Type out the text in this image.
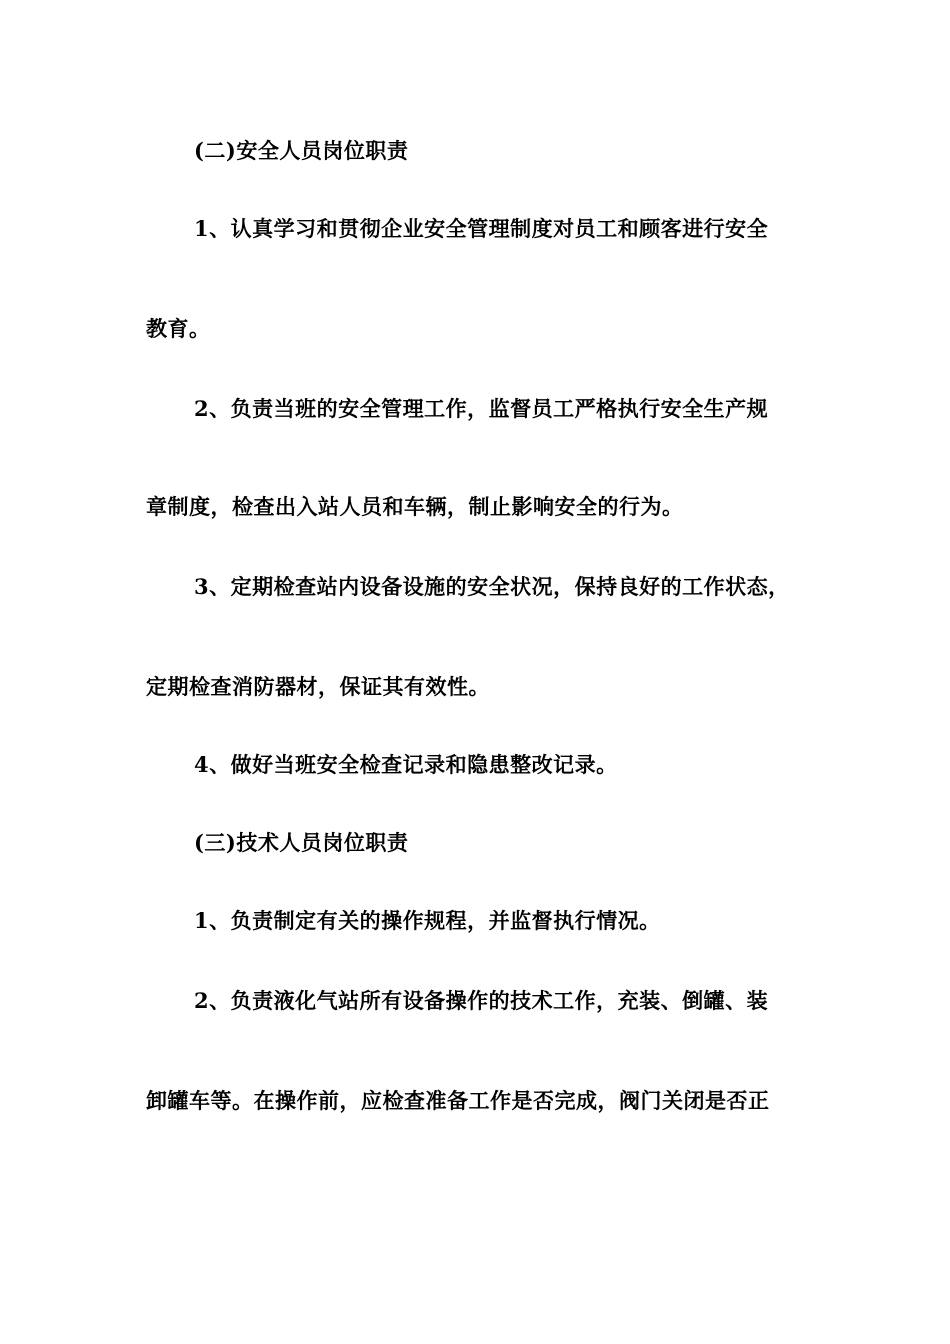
(二)安全人员岗位职责
1、认真学习和贯彻企业安全管理制度对员工和顾客进行安全
教育。
2、负责当班的安全管理工作，监督员工严格执行安全生产规
章制度，检查出入站人员和车辆，制止影响安全的行为。
3、定期检查站内设备设施的安全状况，保持良好的工作状态，
定期检查消防器材，保证其有效性。
4、做好当班安全检查记录和隐患整改记录。
(三)技术人员岗位职责
1、负责制定有关的操作规程，并监督执行情况。
2、负责液化气站所有设备操作的技术工作，充装、倒罐、装
卸罐车等。在操作前，应检查准备工作是否完成，阀门关闭是否正
